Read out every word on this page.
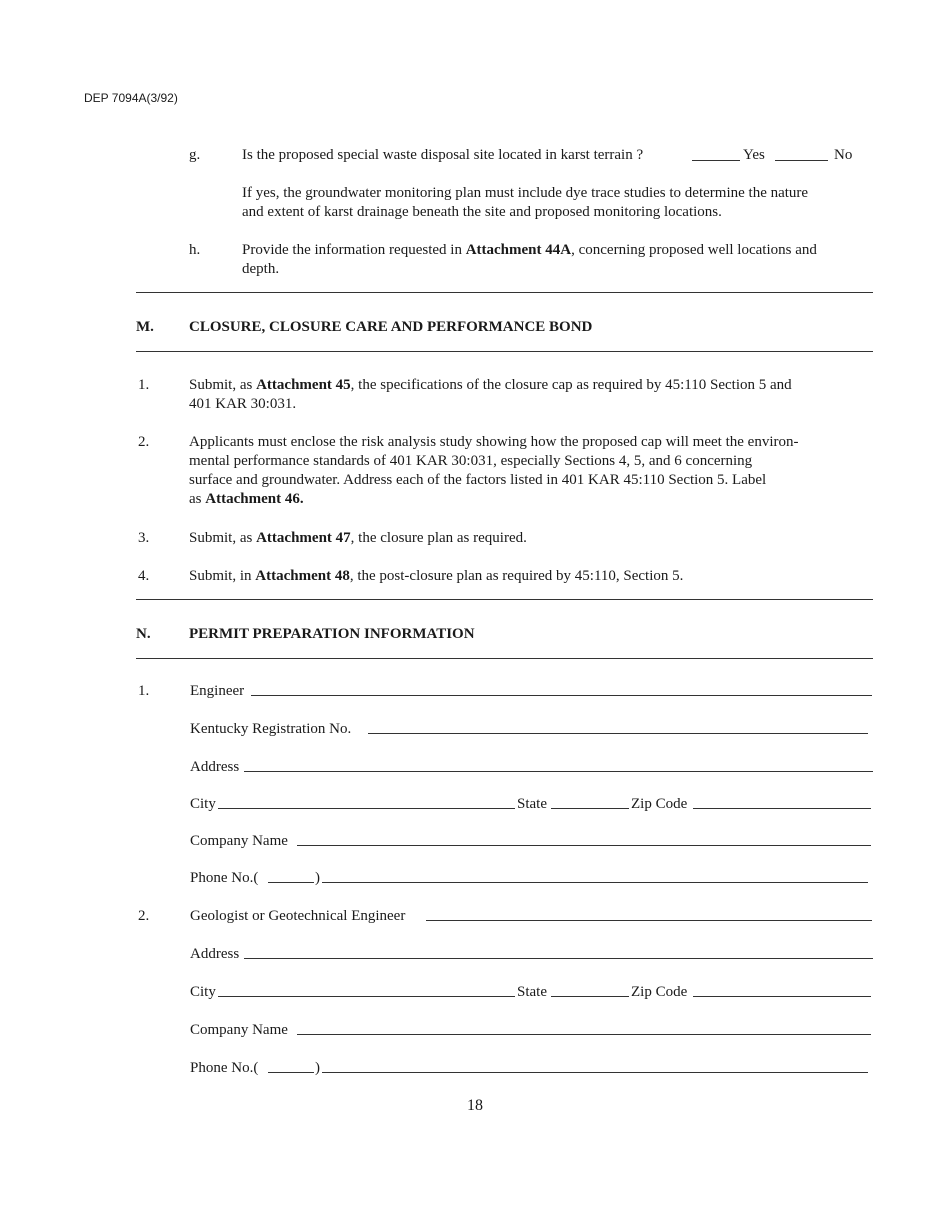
DEP 7094A(3/92)
g.	Is the proposed special waste disposal site located in karst terrain ?	Yes	No
If yes, the groundwater monitoring plan must include dye trace studies to determine the nature
and extent of karst drainage beneath the site and proposed monitoring locations.
h.	Provide the information requested in Attachment 44A, concerning proposed well locations and
depth.
M. CLOSURE, CLOSURE CARE AND PERFORMANCE BOND
1.	Submit, as Attachment 45, the specifications of the closure cap as required by 45:110 Section 5 and
401 KAR 30:031.
2.	Applicants must enclose the risk analysis study showing how the proposed cap will meet the environ-
mental performance standards of 401 KAR 30:031, especially Sections 4, 5, and 6 concerning
surface and groundwater. Address each of the factors listed in 401 KAR 45:110 Section 5. Label
as Attachment 46.
3.	Submit, as Attachment 47, the closure plan as required.
4.	Submit, in Attachment 48, the post-closure plan as required by 45:110, Section 5.
N.	PERMIT PREPARATION INFORMATION
1.	Engineer
Kentucky Registration No.
Address
City	State	Zip Code
Company Name
Phone No.(	)
2.	Geologist or Geotechnical Engineer
Address
City	State	Zip Code
Company Name
Phone No.(	)
18
